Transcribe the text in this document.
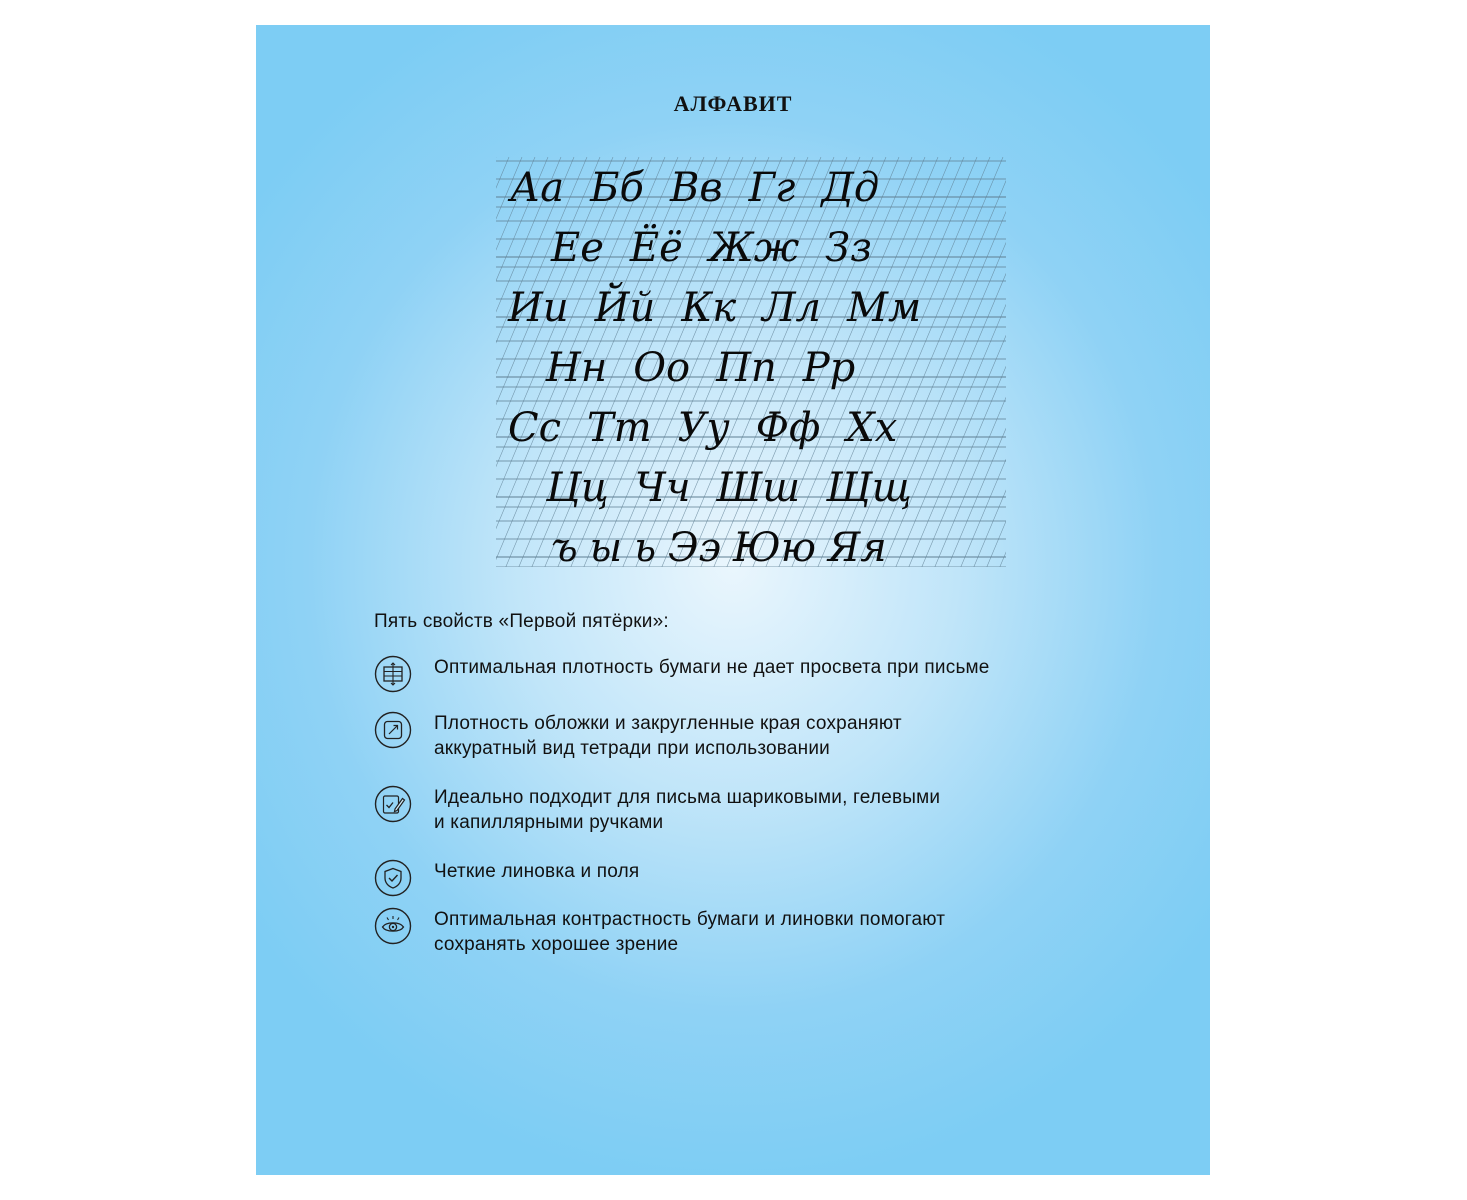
АЛФАВИТ
Аа Бб Вв Гг Дд
Ее Ёё Жж Зз
Ии Йй Кк Лл Мм
Нн Оо Пп Рр
Сс Тт Уу Фф Хх
Цц Чч Шш Щщ
ъ ы ь Ээ Юю Яя
Пять свойств «Первой пятёрки»:
Оптимальная плотность бумаги не дает просвета при письме
Плотность обложки и закругленные края сохраняют
аккуратный вид тетради при использовании
Идеально подходит для письма шариковыми, гелевыми
и капиллярными ручками
Четкие линовка и поля
Оптимальная контрастность бумаги и линовки помогают
сохранять хорошее зрение
